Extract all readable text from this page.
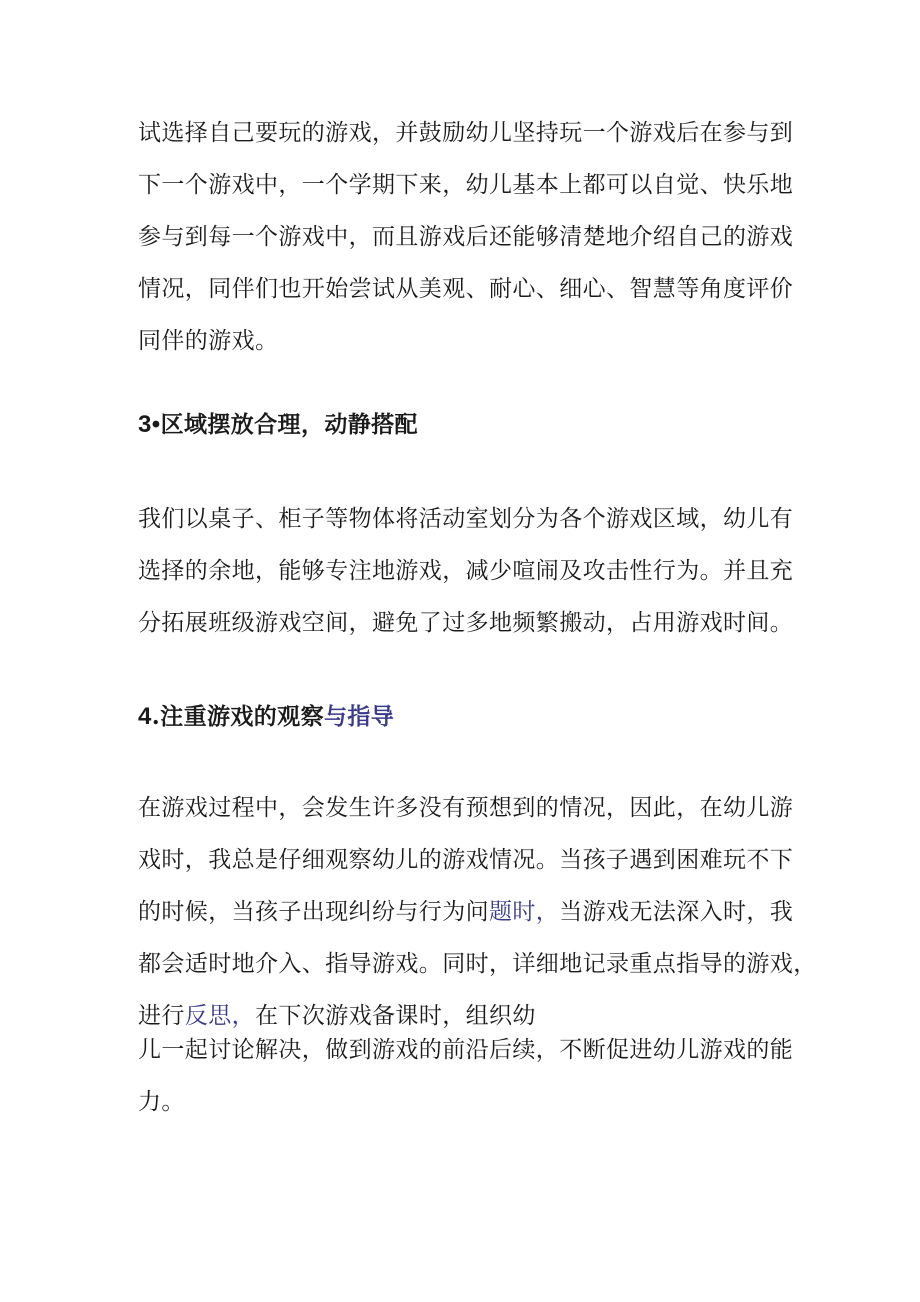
试选择自己要玩的游戏，并鼓励幼儿坚持玩一个游戏后在参与到
下一个游戏中，一个学期下来，幼儿基本上都可以自觉、快乐地
参与到每一个游戏中，而且游戏后还能够清楚地介绍自己的游戏
情况，同伴们也开始尝试从美观、耐心、细心、智慧等角度评价
同伴的游戏。

3•区域摆放合理，动静搭配

我们以桌子、柜子等物体将活动室划分为各个游戏区域，幼儿有
选择的余地，能够专注地游戏，减少喧闹及攻击性行为。并且充
分拓展班级游戏空间，避免了过多地频繁搬动，占用游戏时间。

4.注重游戏的观察与指导

在游戏过程中，会发生许多没有预想到的情况，因此，在幼儿游
戏时，我总是仔细观察幼儿的游戏情况。当孩子遇到困难玩不下
的时候，当孩子出现纠纷与行为问题时，当游戏无法深入时，我
都会适时地介入、指导游戏。同时，详细地记录重点指导的游戏，
进行反思，在下次游戏备课时，组织幼

儿一起讨论解决，做到游戏的前沿后续，不断促进幼儿游戏的能
力。
